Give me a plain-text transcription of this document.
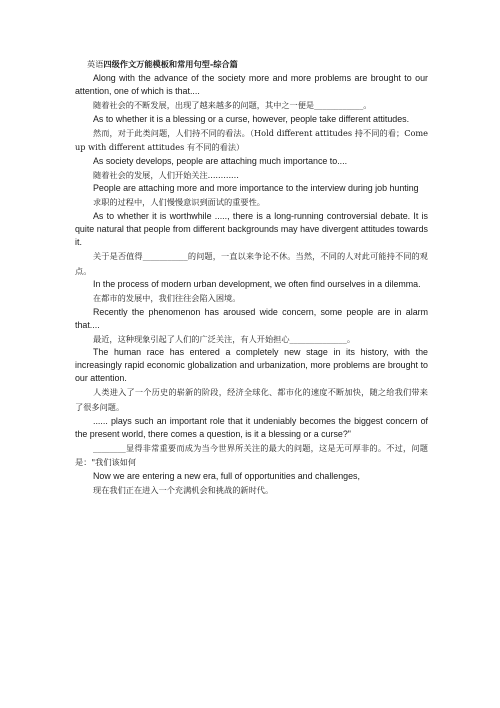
英语四级作文万能模板和常用句型-综合篇
Along with the advance of the society more and more problems are brought to our attention, one of which is that....
随着社会的不断发展，出现了越来越多的问题，其中之一便是____________。
As to whether it is a blessing or a curse, however, people take different attitudes.
然而，对于此类问题，人们持不同的看法。（Hold different attitudes 持不同的看；Come up with different attitudes 有不同的看法）
As society develops, people are attaching much importance to....
随着社会的发展，人们开始关注............
People are attaching more and more importance to the interview during job hunting
求职的过程中，人们慢慢意识到面试的重要性。
As to whether it is worthwhile ....., there is a long-running controversial debate. It is quite natural that people from different backgrounds may have divergent attitudes towards it.
关于是否值得___________的问题，一直以来争论不休。当然，不同的人对此可能持不同的观点。
In the process of modern urban development, we often find ourselves in a dilemma.
在都市的发展中，我们往往会陷入困境。
Recently the phenomenon has aroused wide concern, some people are in alarm that....
最近，这种现象引起了人们的广泛关注，有人开始担心______________。
The human race has entered a completely new stage in its history, with the increasingly rapid economic globalization and urbanization, more problems are brought to our attention.
人类进入了一个历史的崭新的阶段，经济全球化、都市化的速度不断加快，随之给我们带来了很多问题。
...... plays such an important role that it undeniably becomes the biggest concern of the present world, there comes a question, is it a blessing or a curse?"
________显得非常重要而成为当今世界所关注的最大的问题，这是无可厚非的。不过，问题是："我们该如何
Now we are entering a new era, full of opportunities and challenges,
现在我们正在进入一个充满机会和挑战的新时代。
